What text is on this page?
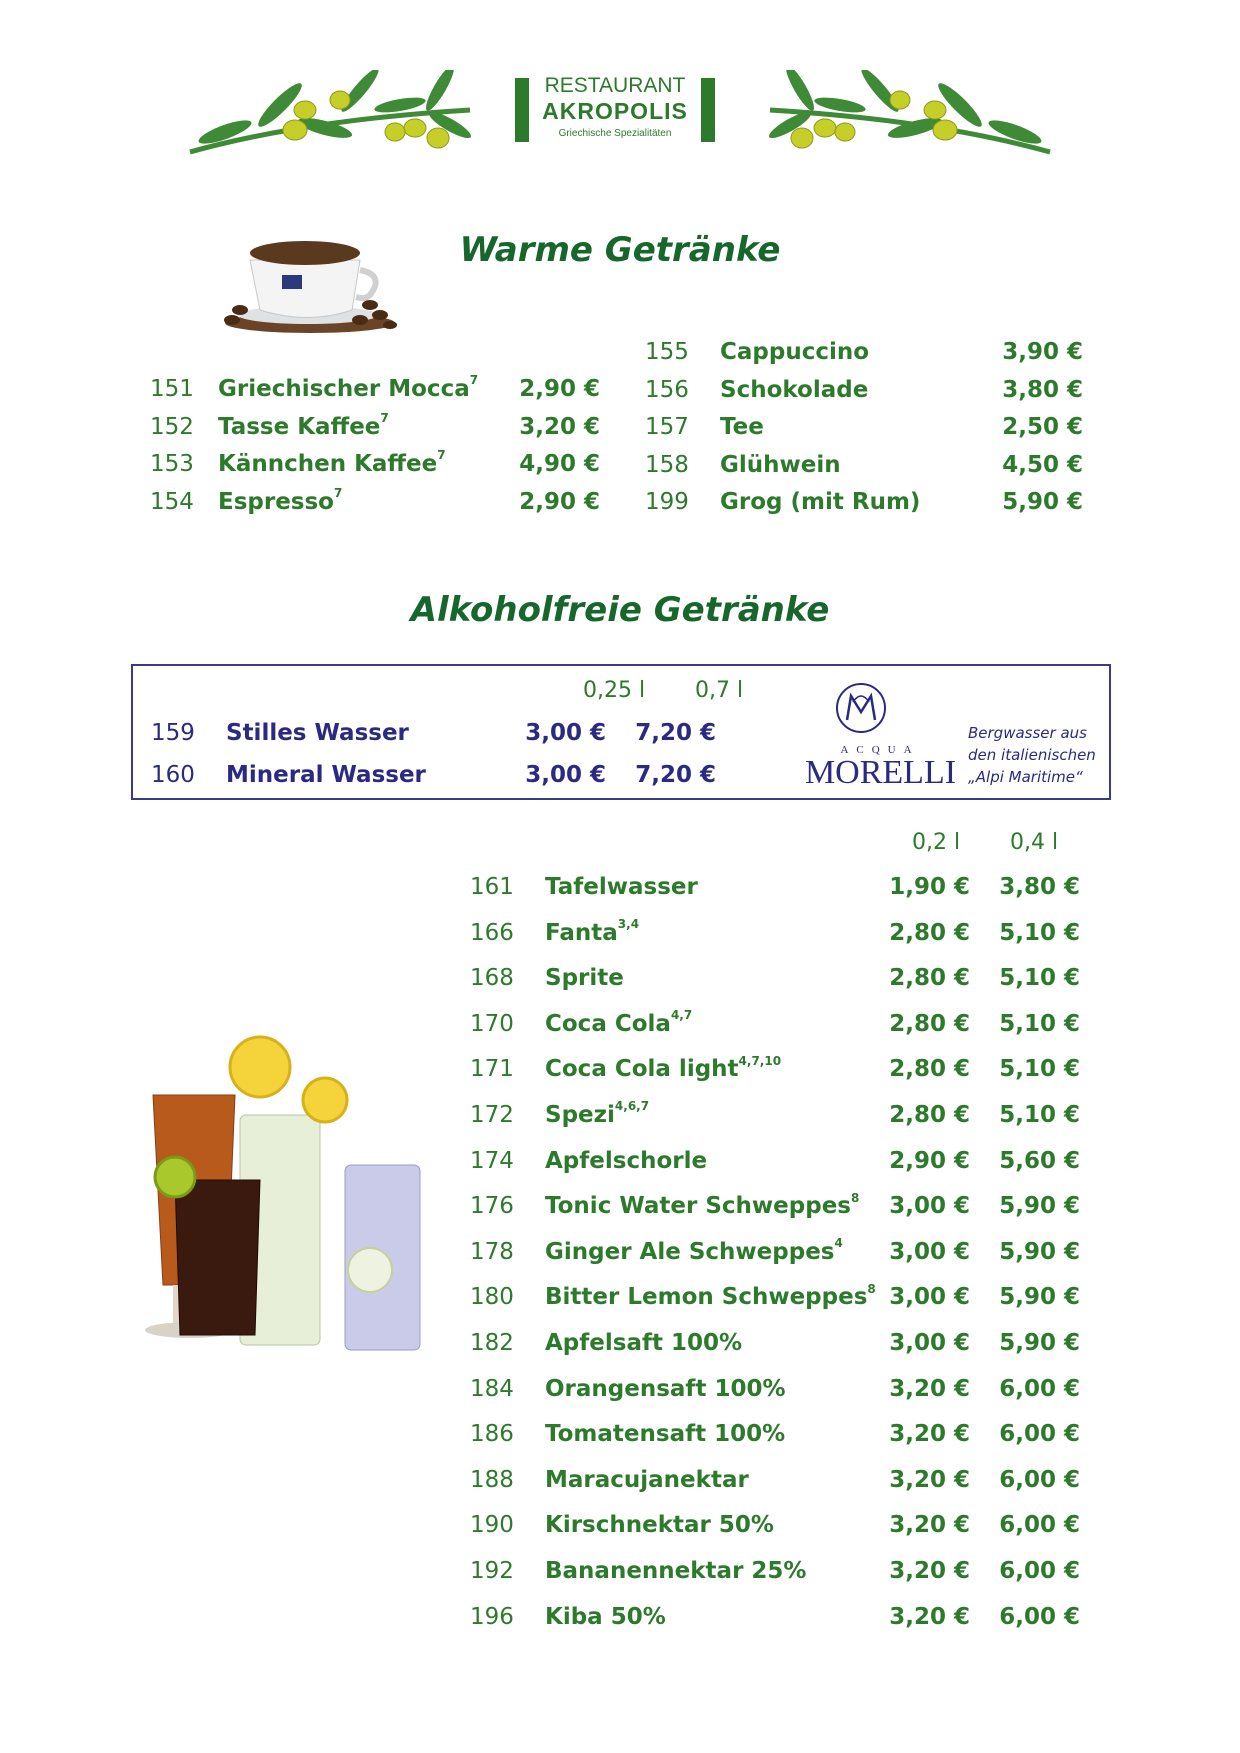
RESTAURANT
AKROPOLIS
Griechische Spezialitäten
Warme Getränke
151 Griechischer Mocca$^7$	2,90 €
152 Tasse Kaffee$^7$	3,20 €
153 Kännchen Kaffee$^7$	4,90 €
154 Espresso$^7$	2,90 €
155 Cappuccino	3,90 €
156 Schokolade	3,80 €
157 Tee	2,50 €
158 Glühwein	4,50 €
199 Grog (mit Rum)	5,90 €
Alkoholfreie Getränke
0,25 l 0,7 l
159 Stilles Wasser	3,00 €	7,20 €
160 Mineral Wasser	3,00 €	7,20 €
ACQUA
MORELLI
Bergwasser aus
den italienischen
„Alpi Maritime“
0,2 l 0,4 l
161 Tafelwasser	1,90 €	3,80 €
166 Fanta$^{3,4}$	2,80 €	5,10 €
168 Sprite	2,80 €	5,10 €
170 Coca Cola$^{4,7}$	2,80 €	5,10 €
171 Coca Cola light$^{4,7,10}$	2,80 €	5,10 €
172 Spezi$^{4,6,7}$	2,80 €	5,10 €
174 Apfelschorle	2,90 €	5,60 €
176 Tonic Water Schweppes$^8$	3,00 €	5,90 €
178 Ginger Ale Schweppes$^4$	3,00 €	5,90 €
180 Bitter Lemon Schweppes$^8$ 3,00 €	5,90 €
182 Apfelsaft 100%	3,00 €	5,90 €
184 Orangensaft 100%	3,20 €	6,00 €
186 Tomatensaft 100%	3,20 €	6,00 €
188 Maracujanektar	3,20 €	6,00 €
190 Kirschnektar 50%	3,20 €	6,00 €
192 Bananennektar 25%	3,20 €	6,00 €
196 Kiba 50%	3,20 €	6,00 €
